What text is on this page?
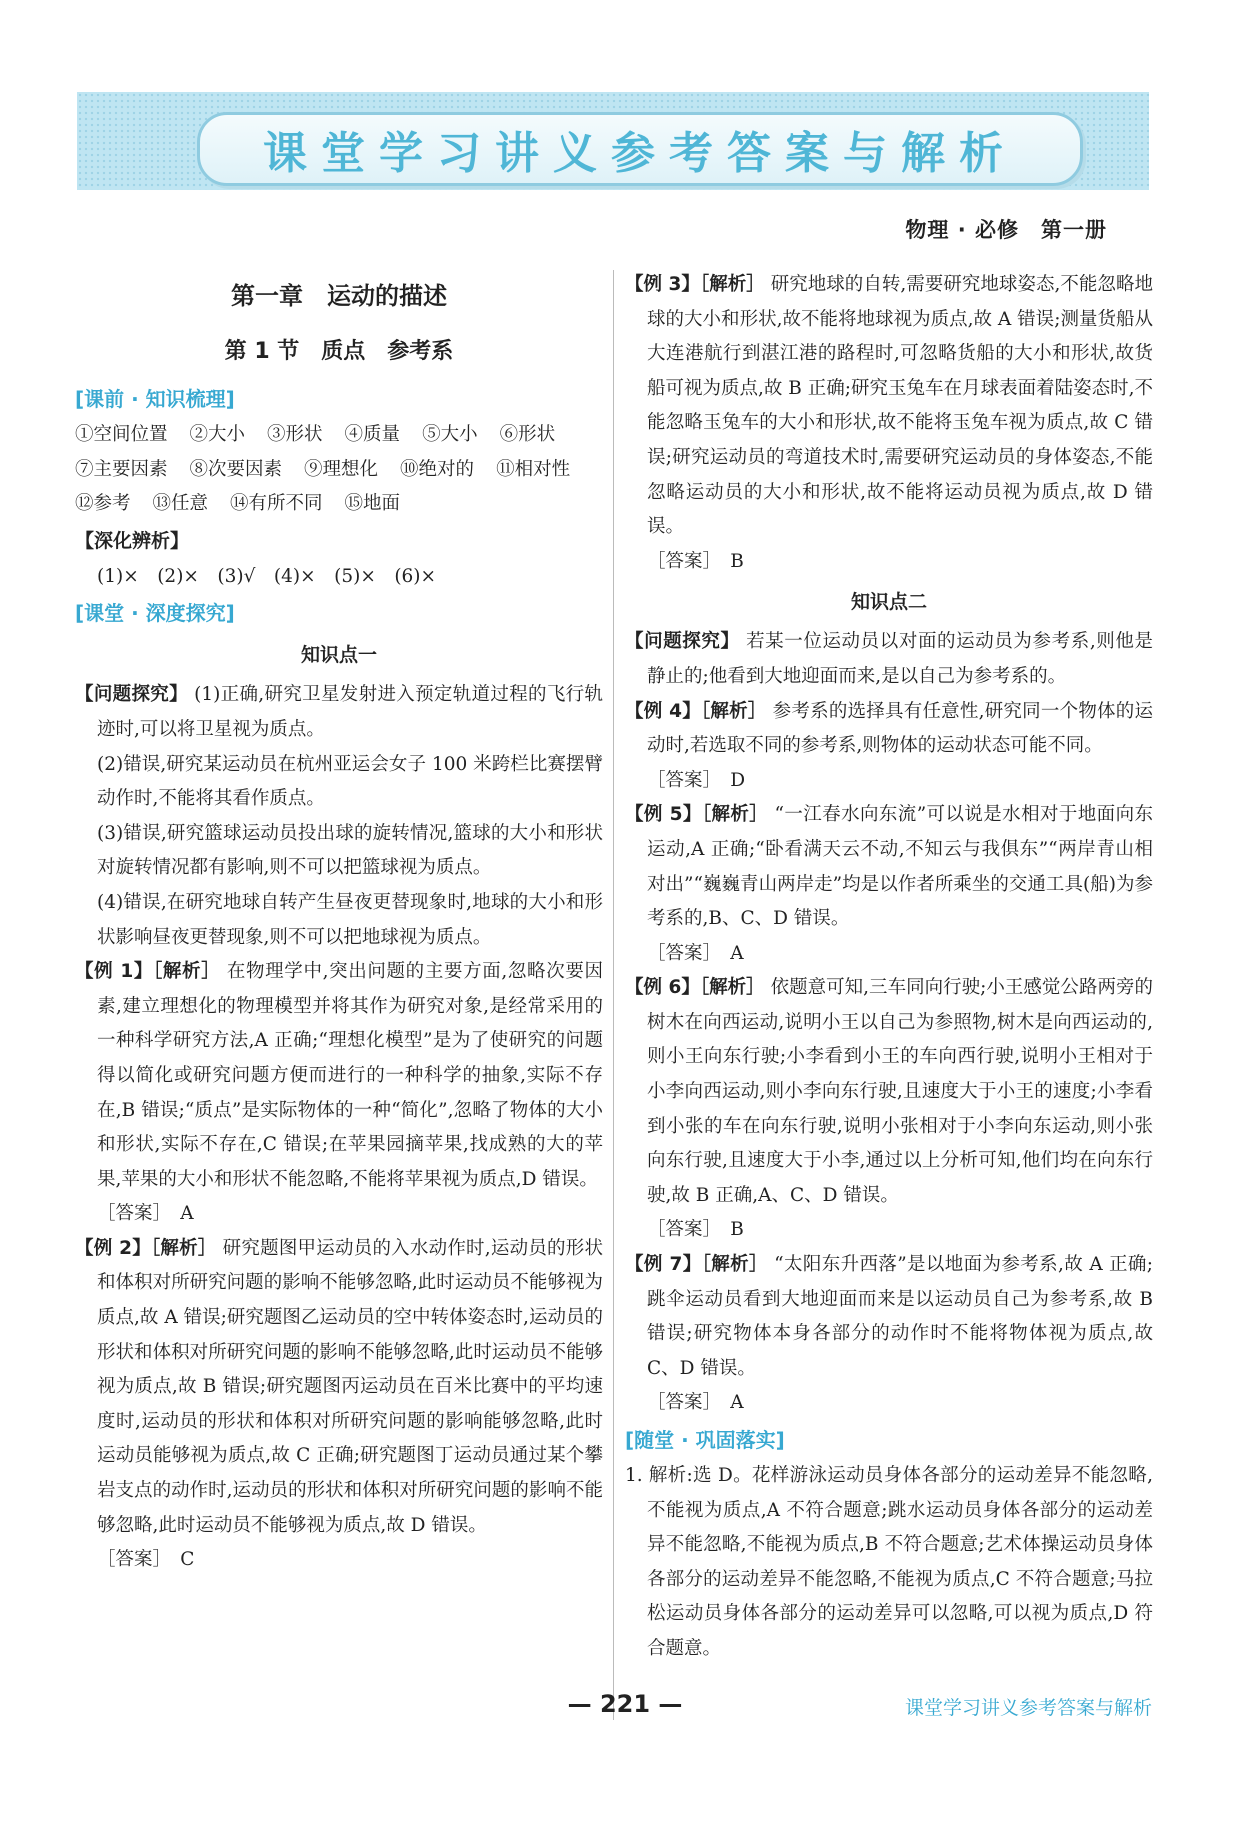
课堂学习讲义参考答案与解析
物理 · 必修　第一册
第一章　运动的描述
第 1 节　质点　参考系
[课前 · 知识梳理]
①空间位置 ②大小 ③形状 ④质量 ⑤大小 ⑥形状
⑦主要因素 ⑧次要因素 ⑨理想化 ⑩绝对的 ⑪相对性
⑫参考 ⑬任意 ⑭有所不同 ⑮地面
【深化辨析】
(1)×　(2)×　(3)√　(4)×　(5)×　(6)×
[课堂 · 深度探究]
知识点一

【问题探究】 (1)正确,研究卫星发射进入预定轨道过程的飞行轨迹时,可以将卫星视为质点。

(2)错误,研究某运动员在杭州亚运会女子 100 米跨栏比赛摆臂动作时,不能将其看作质点。

(3)错误,研究篮球运动员投出球的旋转情况,篮球的大小和形状对旋转情况都有影响,则不可以把篮球视为质点。

(4)错误,在研究地球自转产生昼夜更替现象时,地球的大小和形状影响昼夜更替现象,则不可以把地球视为质点。

【例 1】［解析］ 在物理学中,突出问题的主要方面,忽略次要因素,建立理想化的物理模型并将其作为研究对象,是经常采用的一种科学研究方法,A 正确;“理想化模型”是为了使研究的问题得以简化或研究问题方便而进行的一种科学的抽象,实际不存在,B 错误;“质点”是实际物体的一种“简化”,忽略了物体的大小和形状,实际不存在,C 错误;在苹果园摘苹果,找成熟的大的苹果,苹果的大小和形状不能忽略,不能将苹果视为质点,D 错误。

［答案］　A

【例 2】［解析］ 研究题图甲运动员的入水动作时,运动员的形状和体积对所研究问题的影响不能够忽略,此时运动员不能够视为质点,故 A 错误;研究题图乙运动员的空中转体姿态时,运动员的形状和体积对所研究问题的影响不能够忽略,此时运动员不能够视为质点,故 B 错误;研究题图丙运动员在百米比赛中的平均速度时,运动员的形状和体积对所研究问题的影响能够忽略,此时运动员能够视为质点,故 C 正确;研究题图丁运动员通过某个攀岩支点的动作时,运动员的形状和体积对所研究问题的影响不能够忽略,此时运动员不能够视为质点,故 D 错误。

［答案］　C

【例 3】［解析］ 研究地球的自转,需要研究地球姿态,不能忽略地球的大小和形状,故不能将地球视为质点,故 A 错误;测量货船从大连港航行到湛江港的路程时,可忽略货船的大小和形状,故货船可视为质点,故 B 正确;研究玉兔车在月球表面着陆姿态时,不能忽略玉兔车的大小和形状,故不能将玉兔车视为质点,故 C 错误;研究运动员的弯道技术时,需要研究运动员的身体姿态,不能忽略运动员的大小和形状,故不能将运动员视为质点,故 D 错误。

［答案］　B
知识点二

【问题探究】 若某一位运动员以对面的运动员为参考系,则他是静止的;他看到大地迎面而来,是以自己为参考系的。

【例 4】［解析］ 参考系的选择具有任意性,研究同一个物体的运动时,若选取不同的参考系,则物体的运动状态可能不同。

［答案］　D

【例 5】［解析］ “一江春水向东流”可以说是水相对于地面向东运动,A 正确;“卧看满天云不动,不知云与我俱东”“两岸青山相对出”“巍巍青山两岸走”均是以作者所乘坐的交通工具(船)为参考系的,B、C、D 错误。

［答案］　A

【例 6】［解析］ 依题意可知,三车同向行驶;小王感觉公路两旁的树木在向西运动,说明小王以自己为参照物,树木是向西运动的,则小王向东行驶;小李看到小王的车向西行驶,说明小王相对于小李向西运动,则小李向东行驶,且速度大于小王的速度;小李看到小张的车在向东行驶,说明小张相对于小李向东运动,则小张向东行驶,且速度大于小李,通过以上分析可知,他们均在向东行驶,故 B 正确,A、C、D 错误。

［答案］　B

【例 7】［解析］ “太阳东升西落”是以地面为参考系,故 A 正确;跳伞运动员看到大地迎面而来是以运动员自己为参考系,故 B 错误;研究物体本身各部分的动作时不能将物体视为质点,故 C、D 错误。

［答案］　A
[随堂 · 巩固落实]

1. 解析:选 D。花样游泳运动员身体各部分的运动差异不能忽略,不能视为质点,A 不符合题意;跳水运动员身体各部分的运动差异不能忽略,不能视为质点,B 不符合题意;艺术体操运动员身体各部分的运动差异不能忽略,不能视为质点,C 不符合题意;马拉松运动员身体各部分的运动差异可以忽略,可以视为质点,D 符合题意。

— 221 —	课堂学习讲义参考答案与解析
